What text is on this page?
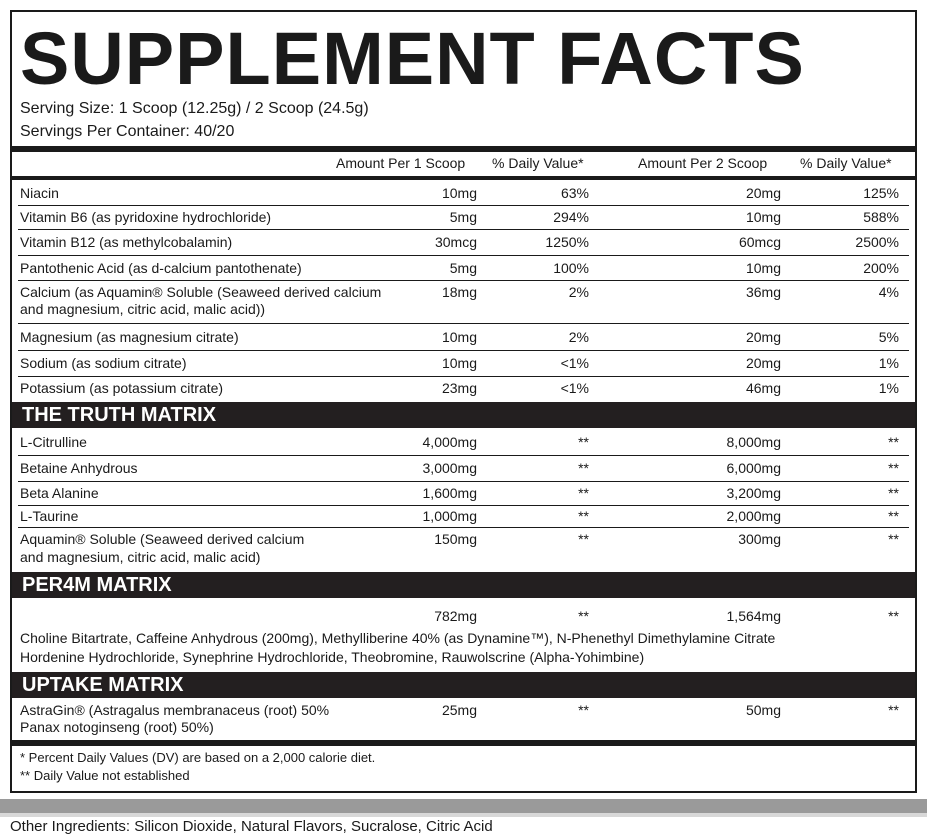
SUPPLEMENT FACTS
Serving Size: 1 Scoop (12.25g) / 2 Scoop (24.5g)
Servings Per Container: 40/20
Amount Per 1 Scoop % Daily Value*	Amount Per 2 Scoop % Daily Value*
Niacin	10mg	63%	20mg	125%
Vitamin B6 (as pyridoxine hydrochloride)	5mg	294%	10mg	588%
Vitamin B12 (as methylcobalamin)	30mcg	1250%	60mcg	2500%
Pantothenic Acid (as d-calcium pantothenate)	5mg	100%	10mg	200%
Calcium (as Aquamin® Soluble (Seaweed derived calcium
and magnesium, citric acid, malic acid))
18mg	2%	36mg	4%
Magnesium (as magnesium citrate)	10mg	2%	20mg	5%
Sodium (as sodium citrate)	10mg	<1%	20mg	1%
Potassium (as potassium citrate)	23mg	<1%	46mg	1%
THE TRUTH MATRIX
L-Citrulline	4,000mg	**	8,000mg	**
Betaine Anhydrous	3,000mg	**	6,000mg	**
Beta Alanine	1,600mg	**	3,200mg	**
L-Taurine	1,000mg	**	2,000mg	**
Aquamin® Soluble (Seaweed derived calcium
and magnesium, citric acid, malic acid)
150mg	**	300mg	**
PER4M MATRIX
782mg	**	1,564mg	**
Choline Bitartrate, Caffeine Anhydrous (200mg), Methylliberine 40% (as Dynamine™), N-Phenethyl Dimethylamine Citrate
Hordenine Hydrochloride, Synephrine Hydrochloride, Theobromine, Rauwolscrine (Alpha-Yohimbine)
UPTAKE MATRIX
AstraGin® (Astragalus membranaceus (root) 50%
Panax notoginseng (root) 50%)
25mg	**	50mg	**
* Percent Daily Values (DV) are based on a 2,000 calorie diet.
** Daily Value not established
Other Ingredients: Silicon Dioxide, Natural Flavors, Sucralose, Citric Acid
